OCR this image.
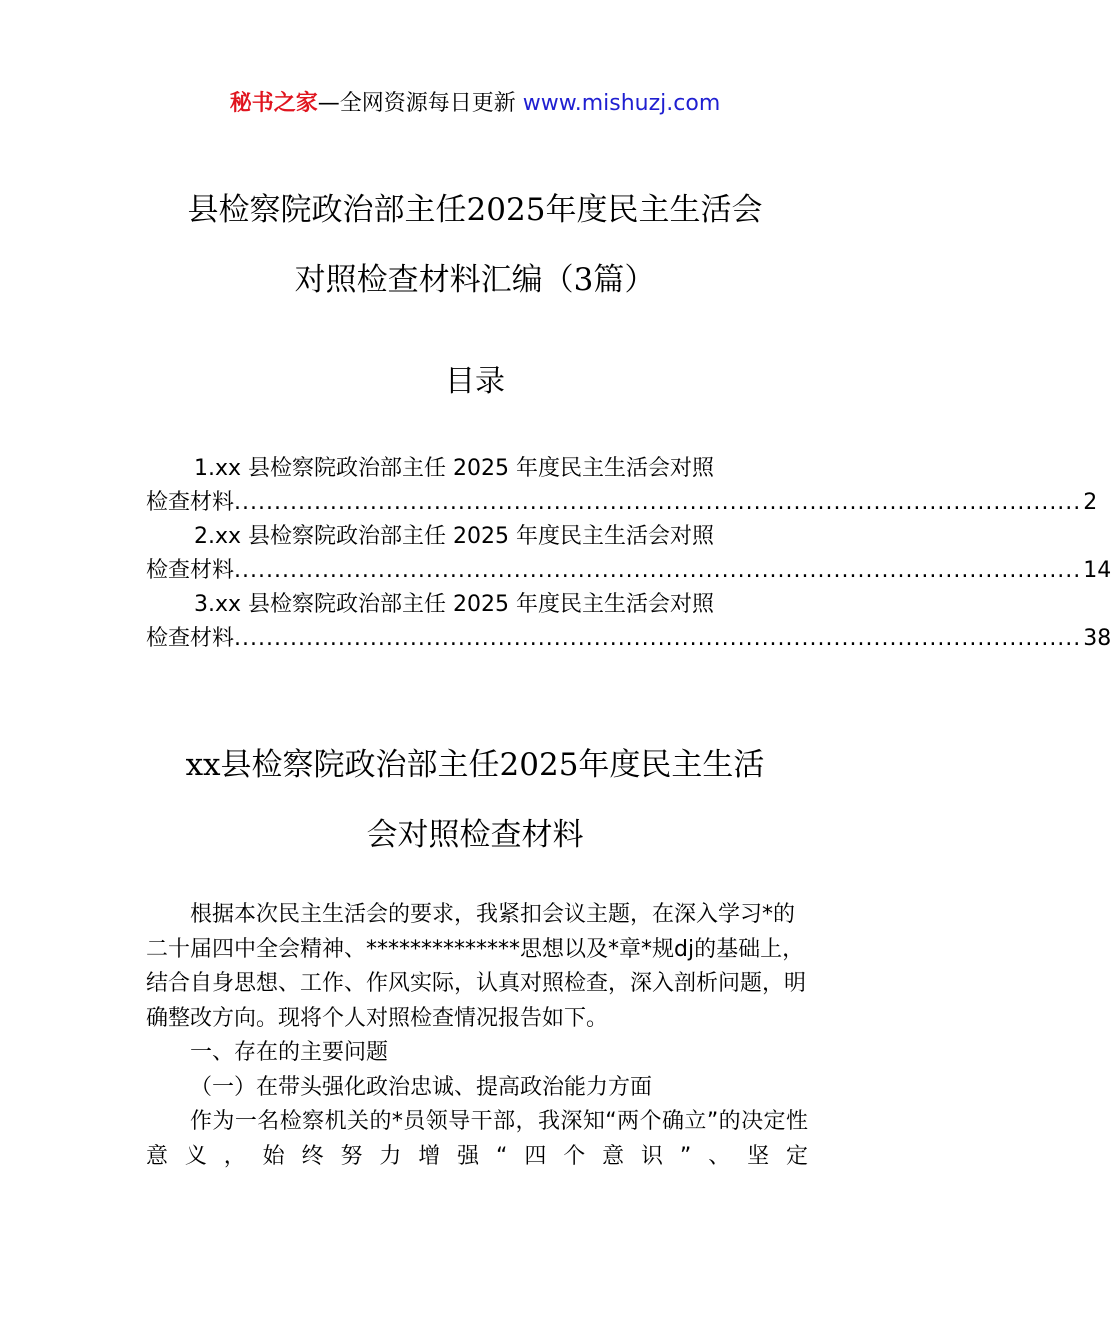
秘书之家—全网资源每日更新 www.mishuzj.com
县检察院政治部主任2025年度民主生活会
对照检查材料汇编（3篇）
目录
1.xx 县检察院政治部主任 2025 年度民主生活会对照
检查材料 .......................................................................................................... 2
2.xx 县检察院政治部主任 2025 年度民主生活会对照
检查材料 .......................................................................................................... 14
3.xx 县检察院政治部主任 2025 年度民主生活会对照
检查材料 .......................................................................................................... 38
xx县检察院政治部主任2025年度民主生活
会对照检查材料

根据本次民主生活会的要求，我紧扣会议主题，在深入学习*的二十届四中全会精神、**************思想以及*章*规dj的基础上，结合自身思想、工作、作风实际，认真对照检查，深入剖析问题，明确整改方向。现将个人对照检查情况报告如下。

一、存在的主要问题

（一）在带头强化政治忠诚、提高政治能力方面

作为一名检察机关的*员领导干部，我深知“两个确立”的决定性意义，始终努力增强“四个意识”、坚定
